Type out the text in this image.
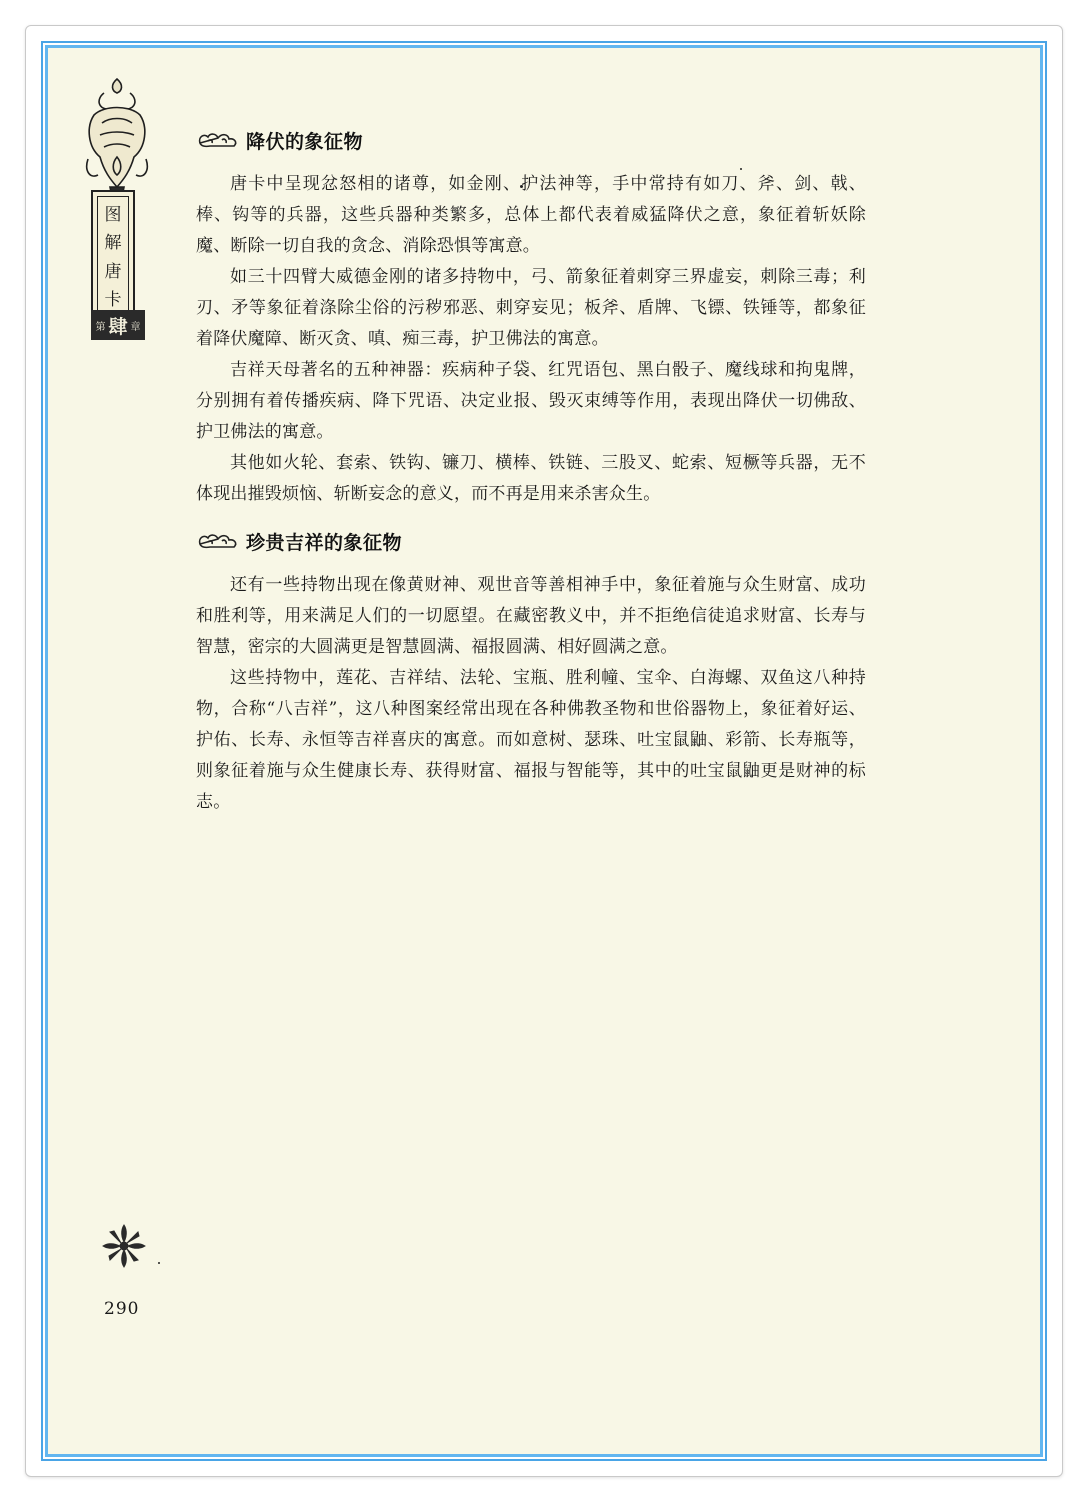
图
解
唐
卡
第 肆 章
降伏的象征物

唐卡中呈现忿怒相的诸尊，如金刚、护法神等，手中常持有如刀、斧、剑、戟、棒、钩等的兵器，这些兵器种类繁多，总体上都代表着威猛降伏之意，象征着斩妖除魔、断除一切自我的贪念、消除恐惧等寓意。

如三十四臂大威德金刚的诸多持物中，弓、箭象征着刺穿三界虚妄，刺除三毒；利刃、矛等象征着涤除尘俗的污秽邪恶、刺穿妄见；板斧、盾牌、飞镖、铁锤等，都象征着降伏魔障、断灭贪、嗔、痴三毒，护卫佛法的寓意。

吉祥天母著名的五种神器：疾病种子袋、红咒语包、黑白骰子、魔线球和拘鬼牌，分别拥有着传播疾病、降下咒语、决定业报、毁灭束缚等作用，表现出降伏一切佛敌、护卫佛法的寓意。

其他如火轮、套索、铁钩、镰刀、横棒、铁链、三股叉、蛇索、短橛等兵器，无不体现出摧毁烦恼、斩断妄念的意义，而不再是用来杀害众生。

珍贵吉祥的象征物

还有一些持物出现在像黄财神、观世音等善相神手中，象征着施与众生财富、成功和胜利等，用来满足人们的一切愿望。在藏密教义中，并不拒绝信徒追求财富、长寿与智慧，密宗的大圆满更是智慧圆满、福报圆满、相好圆满之意。

这些持物中，莲花、吉祥结、法轮、宝瓶、胜利幢、宝伞、白海螺、双鱼这八种持物，合称“八吉祥”，这八种图案经常出现在各种佛教圣物和世俗器物上，象征着好运、护佑、长寿、永恒等吉祥喜庆的寓意。而如意树、瑟珠、吐宝鼠鼬、彩箭、长寿瓶等，则象征着施与众生健康长寿、获得财富、福报与智能等，其中的吐宝鼠鼬更是财神的标志。

290
